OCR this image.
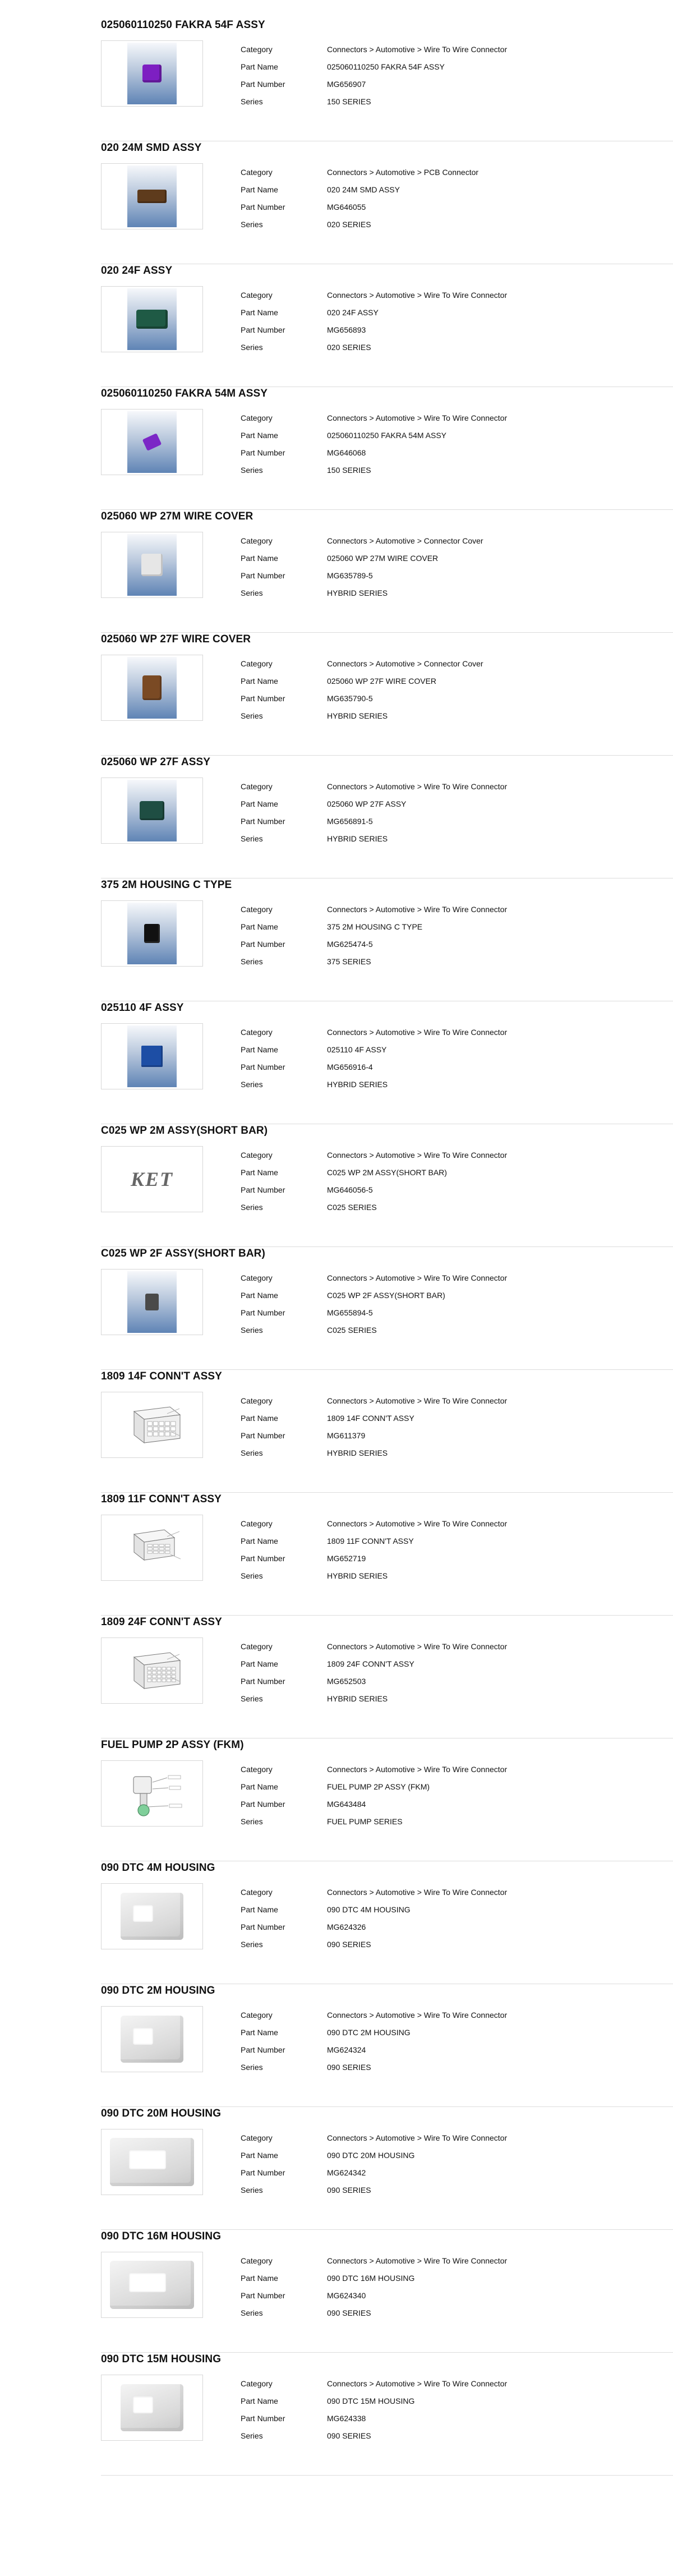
025060110250 FAKRA 54F ASSY
Category	Connectors > Automotive > Wire To Wire Connector
Part Name	025060110250 FAKRA 54F ASSY
Part Number	MG656907
Series	150 SERIES
020 24M SMD ASSY
Category	Connectors > Automotive > PCB Connector
Part Name	020 24M SMD ASSY
Part Number	MG646055
Series	020 SERIES
020 24F ASSY
Category	Connectors > Automotive > Wire To Wire Connector
Part Name	020 24F ASSY
Part Number	MG656893
Series	020 SERIES
025060110250 FAKRA 54M ASSY
Category	Connectors > Automotive > Wire To Wire Connector
Part Name	025060110250 FAKRA 54M ASSY
Part Number	MG646068
Series	150 SERIES
025060 WP 27M WIRE COVER
Category	Connectors > Automotive > Connector Cover
Part Name	025060 WP 27M WIRE COVER
Part Number	MG635789-5
Series	HYBRID SERIES
025060 WP 27F WIRE COVER
Category	Connectors > Automotive > Connector Cover
Part Name	025060 WP 27F WIRE COVER
Part Number	MG635790-5
Series	HYBRID SERIES
025060 WP 27F ASSY
Category	Connectors > Automotive > Wire To Wire Connector
Part Name	025060 WP 27F ASSY
Part Number	MG656891-5
Series	HYBRID SERIES
375 2M HOUSING C TYPE
Category	Connectors > Automotive > Wire To Wire Connector
Part Name	375 2M HOUSING C TYPE
Part Number	MG625474-5
Series	375 SERIES
025110 4F ASSY
Category	Connectors > Automotive > Wire To Wire Connector
Part Name	025110 4F ASSY
Part Number	MG656916-4
Series	HYBRID SERIES
C025 WP 2M ASSY(SHORT BAR)
KET
Category	Connectors > Automotive > Wire To Wire Connector
Part Name	C025 WP 2M ASSY(SHORT BAR)
Part Number	MG646056-5
Series	C025 SERIES
C025 WP 2F ASSY(SHORT BAR)
Category	Connectors > Automotive > Wire To Wire Connector
Part Name	C025 WP 2F ASSY(SHORT BAR)
Part Number	MG655894-5
Series	C025 SERIES
1809 14F CONN'T ASSY
Category	Connectors > Automotive > Wire To Wire Connector
Part Name	1809 14F CONN'T ASSY
Part Number	MG611379
Series	HYBRID SERIES
1809 11F CONN'T ASSY
Category	Connectors > Automotive > Wire To Wire Connector
Part Name	1809 11F CONN'T ASSY
Part Number	MG652719
Series	HYBRID SERIES
1809 24F CONN'T ASSY
Category	Connectors > Automotive > Wire To Wire Connector
Part Name	1809 24F CONN'T ASSY
Part Number	MG652503
Series	HYBRID SERIES
FUEL PUMP 2P ASSY (FKM)
Category	Connectors > Automotive > Wire To Wire Connector
Part Name	FUEL PUMP 2P ASSY (FKM)
Part Number	MG643484
Series	FUEL PUMP SERIES
090 DTC 4M HOUSING
Category	Connectors > Automotive > Wire To Wire Connector
Part Name	090 DTC 4M HOUSING
Part Number	MG624326
Series	090 SERIES
090 DTC 2M HOUSING
Category	Connectors > Automotive > Wire To Wire Connector
Part Name	090 DTC 2M HOUSING
Part Number	MG624324
Series	090 SERIES
090 DTC 20M HOUSING
Category	Connectors > Automotive > Wire To Wire Connector
Part Name	090 DTC 20M HOUSING
Part Number	MG624342
Series	090 SERIES
090 DTC 16M HOUSING
Category	Connectors > Automotive > Wire To Wire Connector
Part Name	090 DTC 16M HOUSING
Part Number	MG624340
Series	090 SERIES
090 DTC 15M HOUSING
Category	Connectors > Automotive > Wire To Wire Connector
Part Name	090 DTC 15M HOUSING
Part Number	MG624338
Series	090 SERIES
